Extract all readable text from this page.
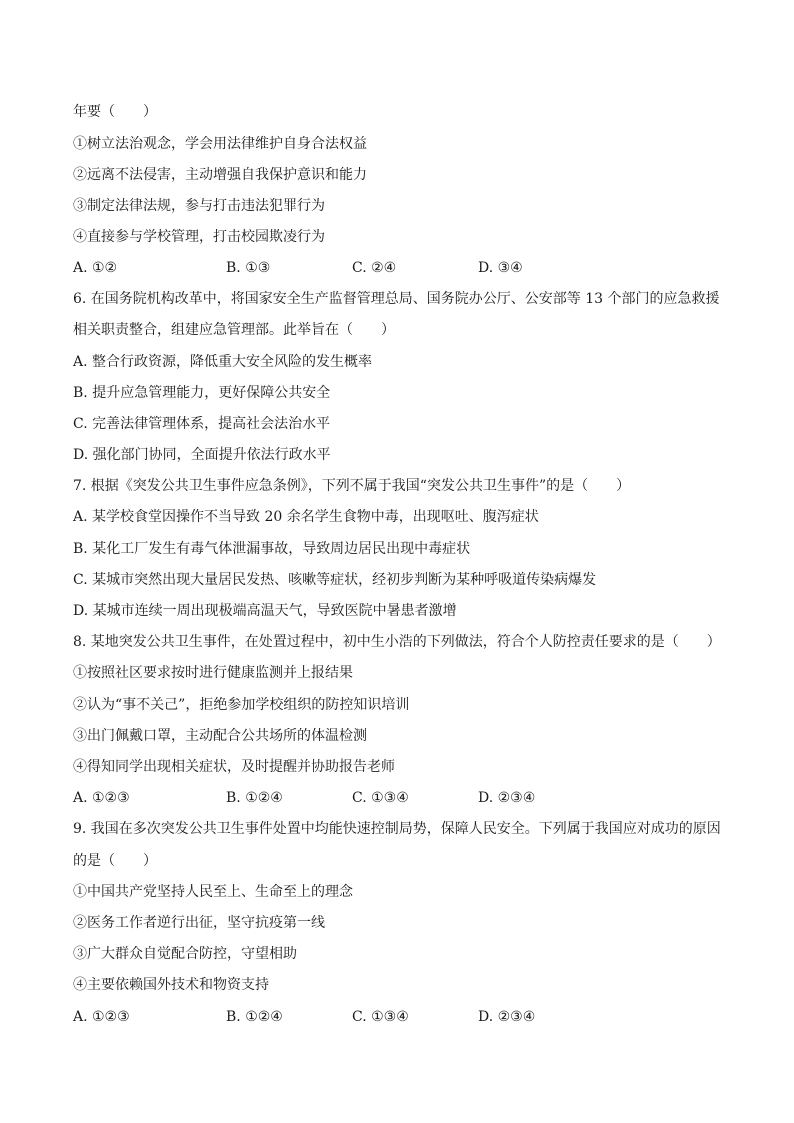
年要（　　）
①树立法治观念，学会用法律维护自身合法权益
②远离不法侵害，主动增强自我保护意识和能力
③制定法律法规，参与打击违法犯罪行为
④直接参与学校管理，打击校园欺凌行为
A. ①②	B. ①③	C. ②④	D. ③④
6. 在国务院机构改革中，将国家安全生产监督管理总局、国务院办公厅、公安部等 13 个部门的应急救援
相关职责整合，组建应急管理部。此举旨在（　　）
A. 整合行政资源，降低重大安全风险的发生概率
B. 提升应急管理能力，更好保障公共安全
C. 完善法律管理体系，提高社会法治水平
D. 强化部门协同，全面提升依法行政水平
7. 根据《突发公共卫生事件应急条例》，下列不属于我国“突发公共卫生事件”的是（　　）
A. 某学校食堂因操作不当导致 20 余名学生食物中毒，出现呕吐、腹泻症状
B. 某化工厂发生有毒气体泄漏事故，导致周边居民出现中毒症状
C. 某城市突然出现大量居民发热、咳嗽等症状，经初步判断为某种呼吸道传染病爆发
D. 某城市连续一周出现极端高温天气，导致医院中暑患者激增
8. 某地突发公共卫生事件，在处置过程中，初中生小浩的下列做法，符合个人防控责任要求的是（　　）
①按照社区要求按时进行健康监测并上报结果
②认为“事不关己”，拒绝参加学校组织的防控知识培训
③出门佩戴口罩，主动配合公共场所的体温检测
④得知同学出现相关症状，及时提醒并协助报告老师
A. ①②③	B. ①②④	C. ①③④	D. ②③④
9. 我国在多次突发公共卫生事件处置中均能快速控制局势，保障人民安全。下列属于我国应对成功的原因
的是（　　）
①中国共产党坚持人民至上、生命至上的理念
②医务工作者逆行出征，坚守抗疫第一线
③广大群众自觉配合防控，守望相助
④主要依赖国外技术和物资支持
A. ①②③	B. ①②④	C. ①③④	D. ②③④
